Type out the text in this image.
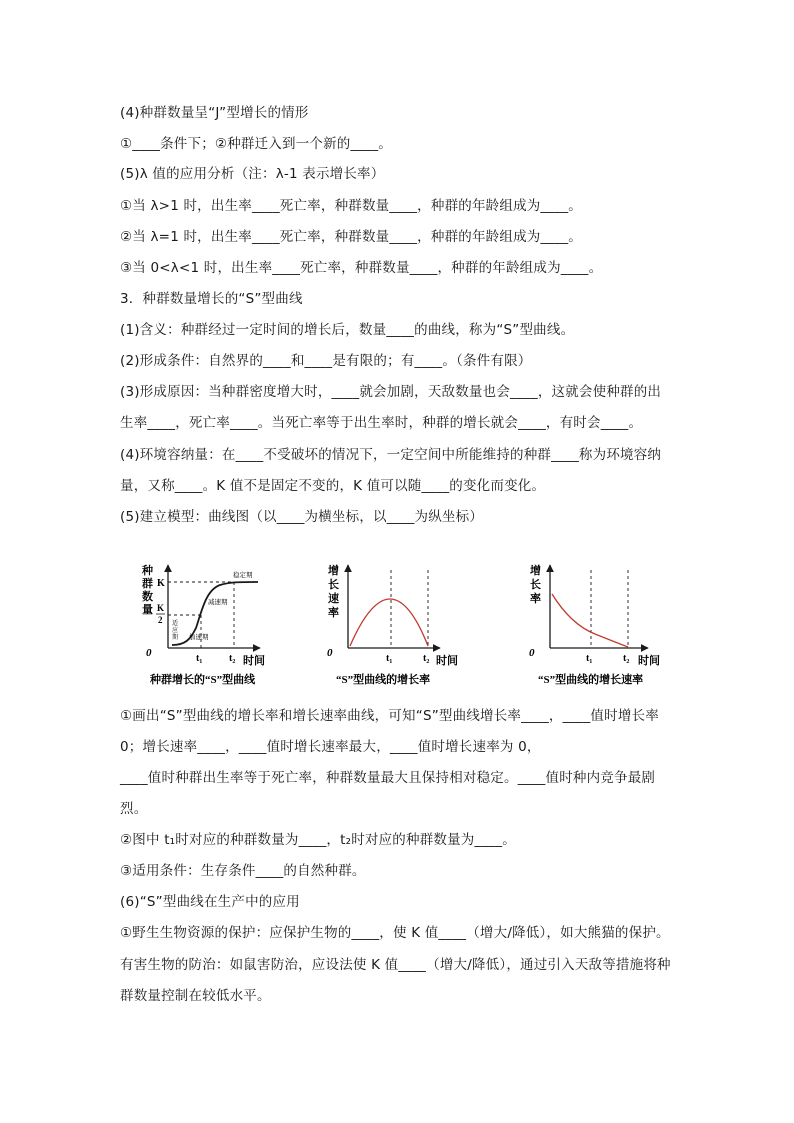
(4)种群数量呈“J”型增长的情形
①____条件下；②种群迁入到一个新的____。
(5)λ 值的应用分析（注：λ-1 表示增长率）
①当 λ>1 时，出生率____死亡率，种群数量____，种群的年龄组成为____。
②当 λ=1 时，出生率____死亡率，种群数量____，种群的年龄组成为____。
③当 0<λ<1 时，出生率____死亡率，种群数量____，种群的年龄组成为____。
3．种群数量增长的“S”型曲线
(1)含义：种群经过一定时间的增长后，数量____的曲线，称为“S”型曲线。
(2)形成条件：自然界的____和____是有限的；有____。（条件有限）
(3)形成原因：当种群密度增大时，____就会加剧，天敌数量也会____，这就会使种群的出
生率____，死亡率____。当死亡率等于出生率时，种群的增长就会____，有时会____。
(4)环境容纳量：在____不受破坏的情况下，一定空间中所能维持的种群____称为环境容纳
量，又称____。K 值不是固定不变的，K 值可以随____的变化而变化。
(5)建立模型：曲线图（以____为横坐标，以____为纵坐标）
①画出“S”型曲线的增长率和增长速率曲线，可知“S”型曲线增长率____，____值时增长率
0；增长速率____，____值时增长速率最大，____值时增长速率为 0，
____值时种群出生率等于死亡率，种群数量最大且保持相对稳定。____值时种内竞争最剧
烈。
②图中 t₁时对应的种群数量为____，t₂时对应的种群数量为____。
③适用条件：生存条件____的自然种群。
(6)“S”型曲线在生产中的应用
①野生生物资源的保护：应保护生物的____，使 K 值____（增大/降低），如大熊猫的保护。
有害生物的防治：如鼠害防治，应设法使 K 值____（增大/降低），通过引入天敌等措施将种
群数量控制在较低水平。
种
群
数
量
K
K
2
0	t₁	t₂ 时间
稳定期
减速期
加速期
适
应
期
种群增长的“S”型曲线
增
长
速
率
0	t₁	t₂ 时间
“S”型曲线的增长率
增
长
率
0	t₁	t₂ 时间
“S”型曲线的增长速率
